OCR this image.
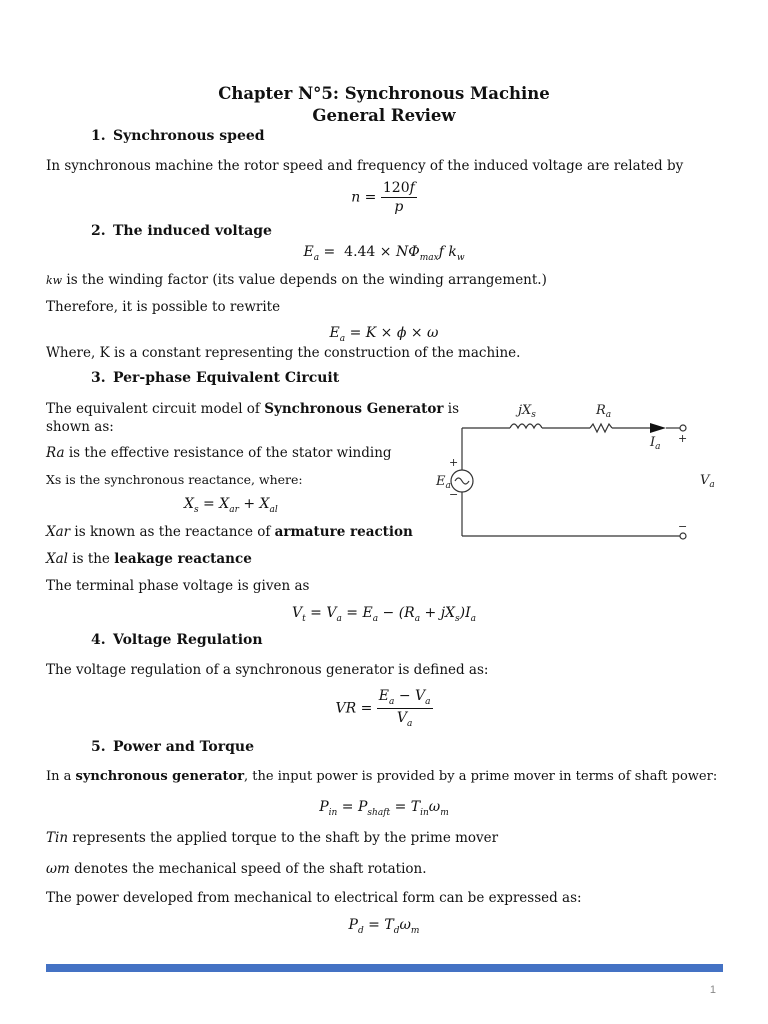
Chapter N°5: Synchronous Machine
General Review
1. Synchronous speed
In synchronous machine the rotor speed and frequency of the induced voltage are related by
$n = \frac{120f}{p}$
2. The induced voltage
$E_a = 4.44 \times N\Phi_{max}f$ $k_w$
kw is the winding factor (its value depends on the winding arrangement.)
Therefore, it is possible to rewrite
$E_a = K \times \phi \times \omega$
Where, K is a constant representing the construction of the machine.
3. Per-phase Equivalent Circuit
The equivalent circuit model of Synchronous Generator is
shown as:
Ra is the effective resistance of the stator winding
Xs is the synchronous reactance, where:
$X_s = X_{ar} + X_{al}$
Xar is known as the reactance of armature reaction
Xal is the leakage reactance
The terminal phase voltage is given as
$V_t = V_a = E_a - (R_a + jX_s)I_a$
$jX_s$	$R_a$
$I_a$
$E_a$	$V_a$
+
+
−
−
4. Voltage Regulation
The voltage regulation of a synchronous generator is defined as:
VR = $\frac{E_a - V_a}{V_a}$
5. Power and Torque
In a synchronous generator, the input power is provided by a prime mover in terms of shaft power:
$P_{in} = P_{shaft} = T_{in}\omega_m$
Tin represents the applied torque to the shaft by the prime mover
ωm denotes the mechanical speed of the shaft rotation.
The power developed from mechanical to electrical form can be expressed as:
$P_d = T_d\omega_m$
1
